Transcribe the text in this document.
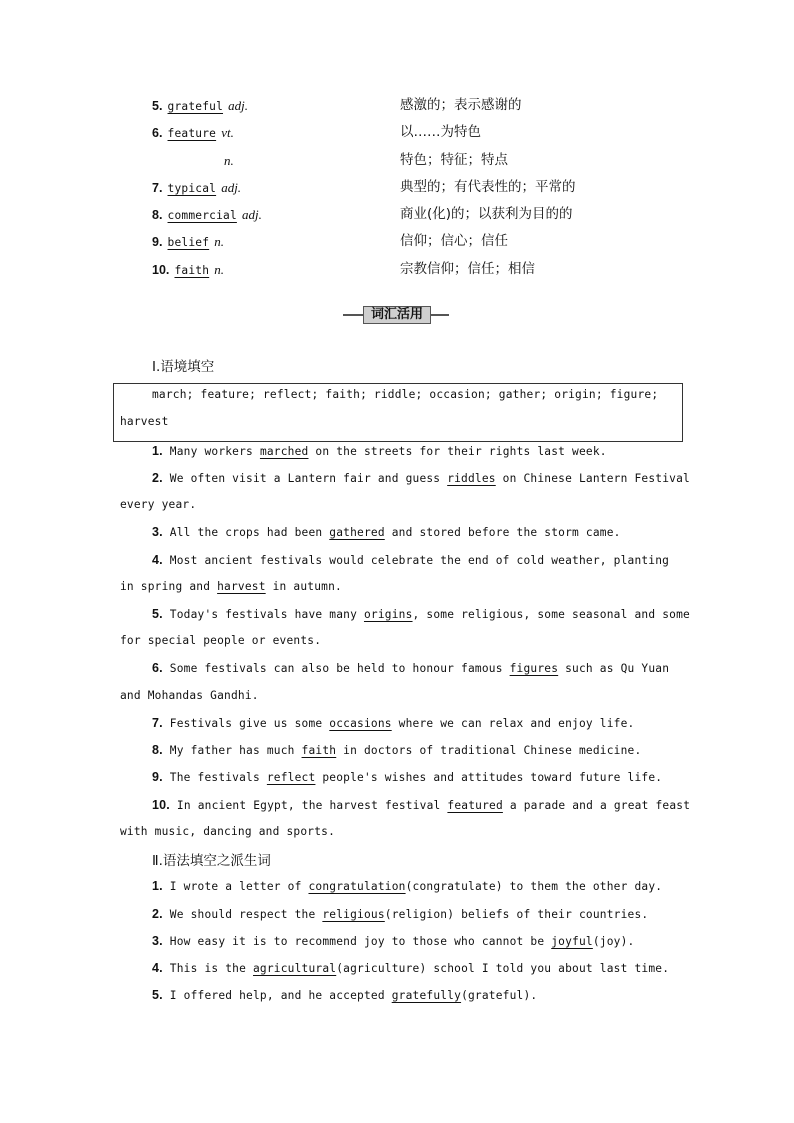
5. grateful adj.	感激的；表示感谢的
6. feature vt.	以……为特色
n.	特色；特征；特点
7. typical adj.	典型的；有代表性的；平常的
8. commercial adj.	商业(化)的；以获利为目的的
9. belief n.	信仰；信心；信任
10. faith n.	宗教信仰；信任；相信
词汇活用
Ⅰ.语境填空
march; feature; reflect; faith; riddle; occasion; gather; origin; figure;
harvest
1. Many workers marched on the streets for their rights last week.
2. We often visit a Lantern fair and guess riddles on Chinese Lantern Festival
every year.
3. All the crops had been gathered and stored before the storm came.
4. Most ancient festivals would celebrate the end of cold weather, planting
in spring and harvest in autumn.
5. Today's festivals have many origins, some religious, some seasonal and some
for special people or events.
6. Some festivals can also be held to honour famous figures such as Qu Yuan
and Mohandas Gandhi.
7. Festivals give us some occasions where we can relax and enjoy life.
8. My father has much faith in doctors of traditional Chinese medicine.
9. The festivals reflect people's wishes and attitudes toward future life.
10. In ancient Egypt, the harvest festival featured a parade and a great feast
with music, dancing and sports.
Ⅱ.语法填空之派生词
1. I wrote a letter of congratulation(congratulate) to them the other day.
2. We should respect the religious(religion) beliefs of their countries.
3. How easy it is to recommend joy to those who cannot be joyful(joy).
4. This is the agricultural(agriculture) school I told you about last time.
5. I offered help, and he accepted gratefully(grateful).
